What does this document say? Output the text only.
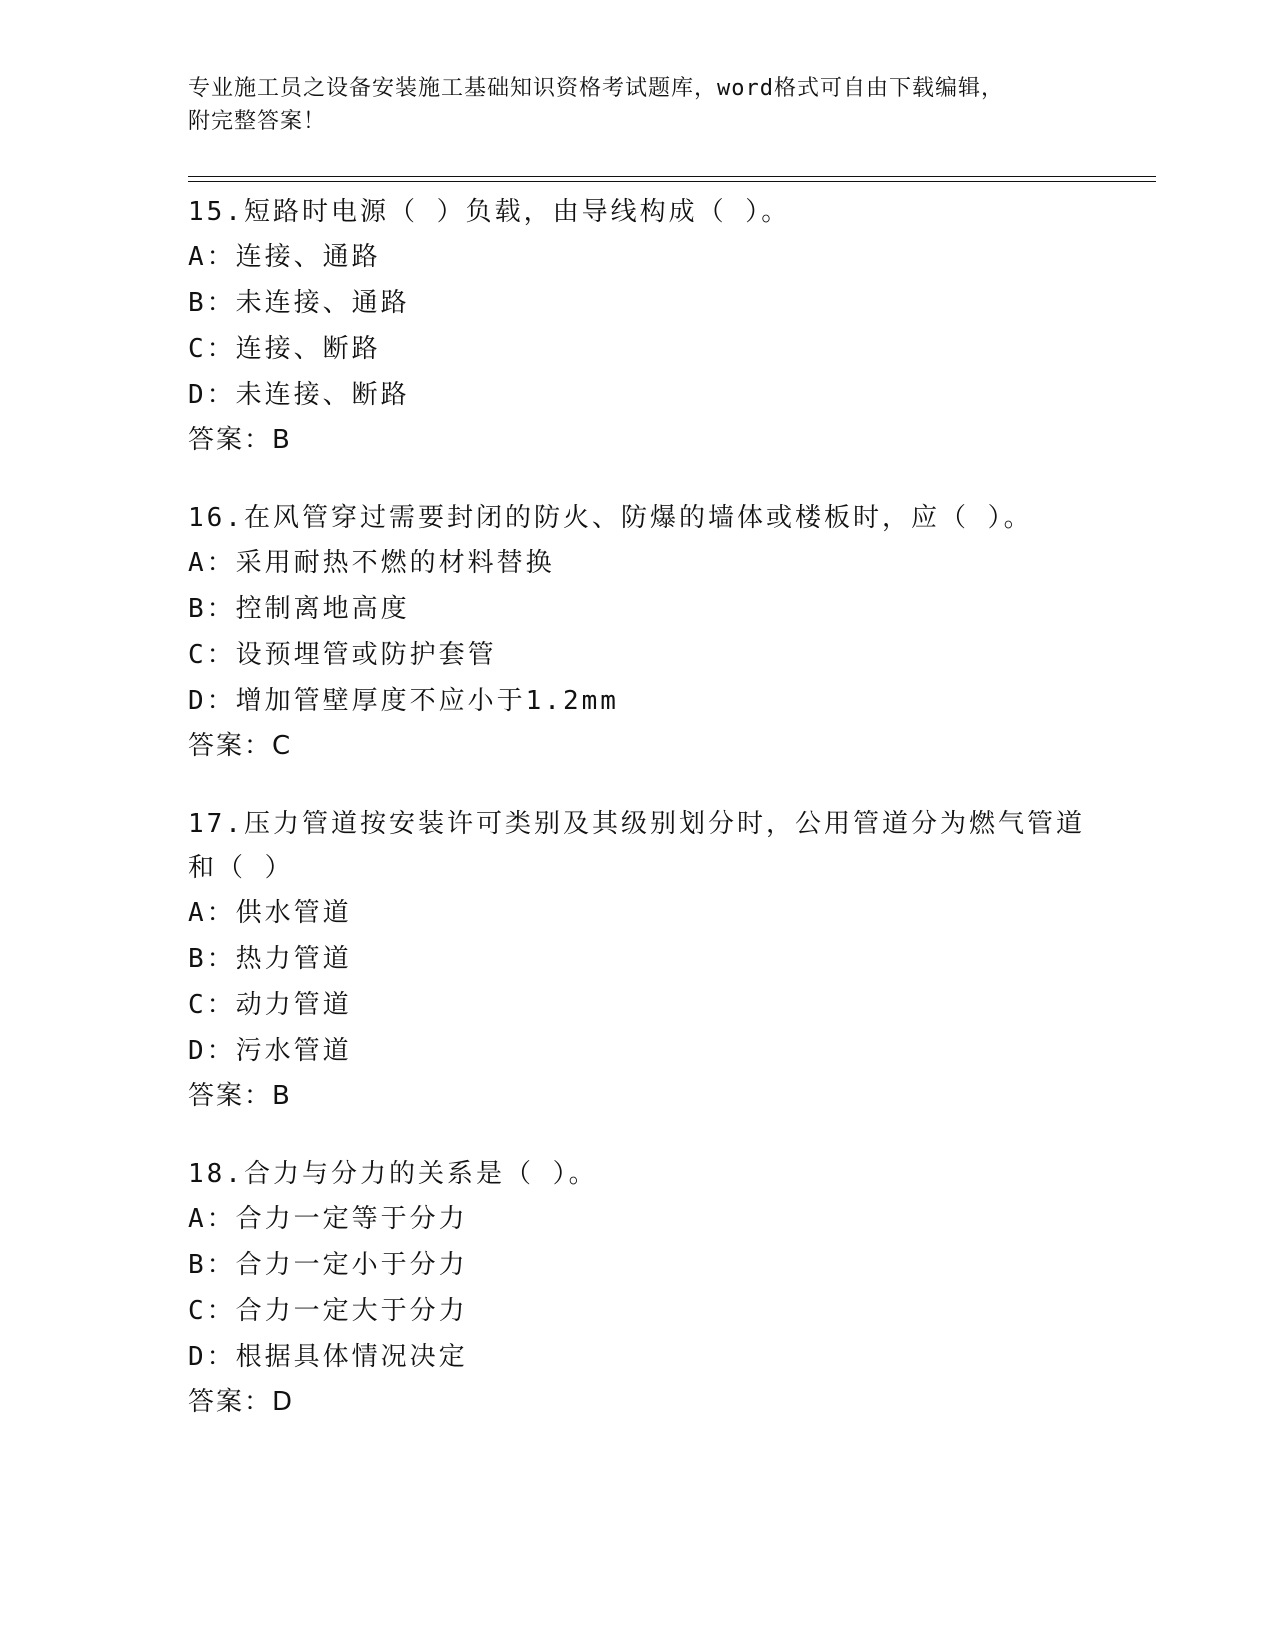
专业施工员之设备安装施工基础知识资格考试题库，word格式可自由下载编辑，
附完整答案！

15.短路时电源（ ）负载，由导线构成（ ）。

A：连接、通路

B：未连接、通路

C：连接、断路

D：未连接、断路

答案：B

16.在风管穿过需要封闭的防火、防爆的墙体或楼板时，应（ ）。

A：采用耐热不燃的材料替换

B：控制离地高度

C：设预埋管或防护套管

D：增加管壁厚度不应小于1.2mm

答案：C

17.压力管道按安装许可类别及其级别划分时，公用管道分为燃气管道和（ ）

A：供水管道

B：热力管道

C：动力管道

D：污水管道

答案：B

18.合力与分力的关系是（ ）。

A：合力一定等于分力

B：合力一定小于分力

C：合力一定大于分力

D：根据具体情况决定

答案：D
